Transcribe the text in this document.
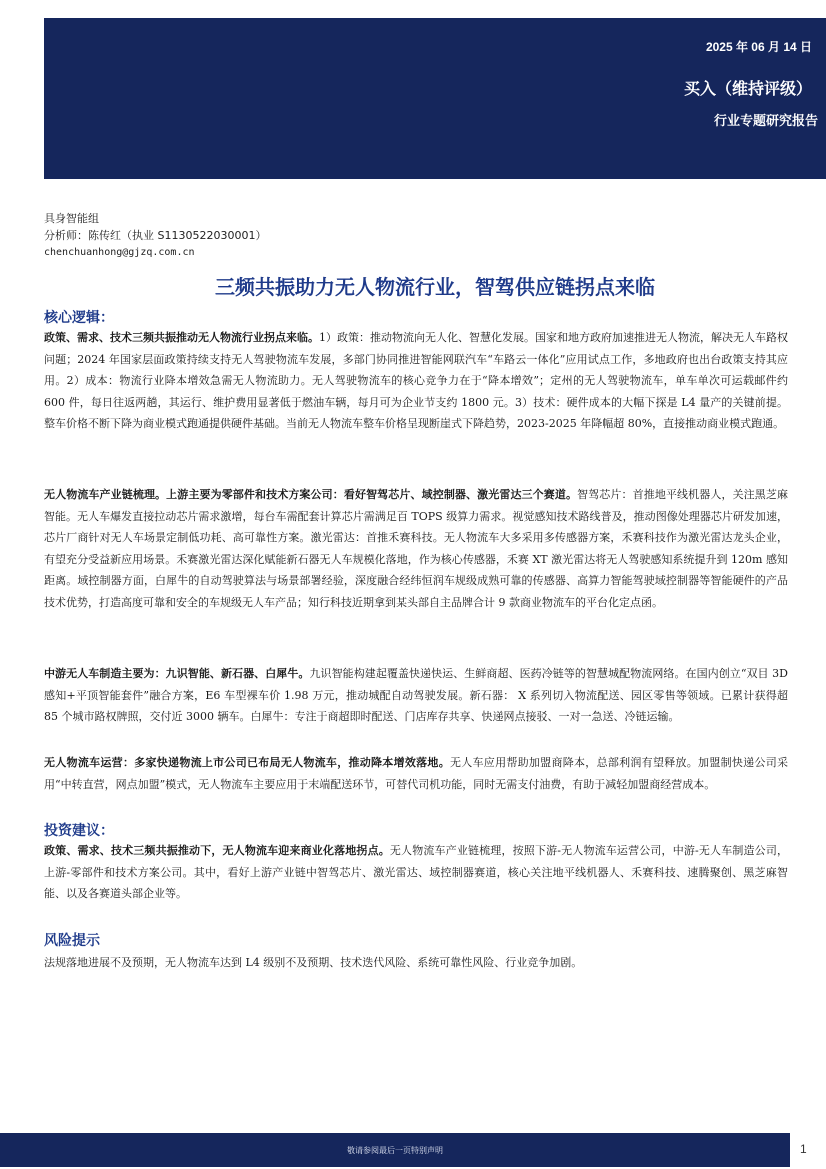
2025 年 06 月 14 日
买入（维持评级）
行业专题研究报告
具身智能组
分析师：陈传红（执业 S1130522030001）
chenchuanhong@gjzq.com.cn
三频共振助力无人物流行业，智驾供应链拐点来临
核心逻辑：

政策、需求、技术三频共振推动无人物流行业拐点来临。1）政策：推动物流向无人化、智慧化发展。国家和地方政府加速推进无人物流，解决无人车路权问题；2024 年国家层面政策持续支持无人驾驶物流车发展，多部门协同推进智能网联汽车“车路云一体化”应用试点工作，多地政府也出台政策支持其应用。2）成本：物流行业降本增效急需无人物流助力。无人驾驶物流车的核心竞争力在于“降本增效”；定州的无人驾驶物流车，单车单次可运载邮件约 600 件，每日往返两趟，其运行、维护费用显著低于燃油车辆，每月可为企业节支约 1800 元。3）技术：硬件成本的大幅下探是 L4 量产的关键前提。整车价格不断下降为商业模式跑通提供硬件基础。当前无人物流车整车价格呈现断崖式下降趋势，2023-2025 年降幅超 80%，直接推动商业模式跑通。

无人物流车产业链梳理。上游主要为零部件和技术方案公司：看好智驾芯片、域控制器、激光雷达三个赛道。智驾芯片：首推地平线机器人，关注黑芝麻智能。无人车爆发直接拉动芯片需求激增，每台车需配套计算芯片需满足百 TOPS 级算力需求。视觉感知技术路线普及，推动图像处理器芯片研发加速，芯片厂商针对无人车场景定制低功耗、高可靠性方案。激光雷达：首推禾赛科技。无人物流车大多采用多传感器方案，禾赛科技作为激光雷达龙头企业，有望充分受益新应用场景。禾赛激光雷达深化赋能新石器无人车规模化落地，作为核心传感器，禾赛 XT 激光雷达将无人驾驶感知系统提升到 120m 感知距离。域控制器方面，白犀牛的自动驾驶算法与场景部署经验，深度融合经纬恒润车规级成熟可靠的传感器、高算力智能驾驶域控制器等智能硬件的产品技术优势，打造高度可靠和安全的车规级无人车产品；知行科技近期拿到某头部自主品牌合计 9 款商业物流车的平台化定点函。

中游无人车制造主要为：九识智能、新石器、白犀牛。九识智能构建起覆盖快递快运、生鲜商超、医药冷链等的智慧城配物流网络。在国内创立“双目 3D 感知+平顶智能套件”融合方案，E6 车型裸车价 1.98 万元，推动城配自动驾驶发展。新石器： X 系列切入物流配送、园区零售等领域。已累计获得超 85 个城市路权牌照，交付近 3000 辆车。白犀牛：专注于商超即时配送、门店库存共享、快递网点接驳、一对一急送、冷链运输。

无人物流车运营：多家快递物流上市公司已布局无人物流车，推动降本增效落地。无人车应用帮助加盟商降本，总部利润有望释放。加盟制快递公司采用“中转直营，网点加盟”模式，无人物流车主要应用于末端配送环节，可替代司机功能，同时无需支付油费，有助于减轻加盟商经营成本。

投资建议：

政策、需求、技术三频共振推动下，无人物流车迎来商业化落地拐点。无人物流车产业链梳理，按照下游-无人物流车运营公司，中游-无人车制造公司，上游-零部件和技术方案公司。其中，看好上游产业链中智驾芯片、激光雷达、域控制器赛道，核心关注地平线机器人、禾赛科技、速腾聚创、黑芝麻智能、以及各赛道头部企业等。

风险提示

法规落地进展不及预期，无人物流车达到 L4 级别不及预期、技术迭代风险、系统可靠性风险、行业竞争加剧。

敬请参阅最后一页特别声明	1
